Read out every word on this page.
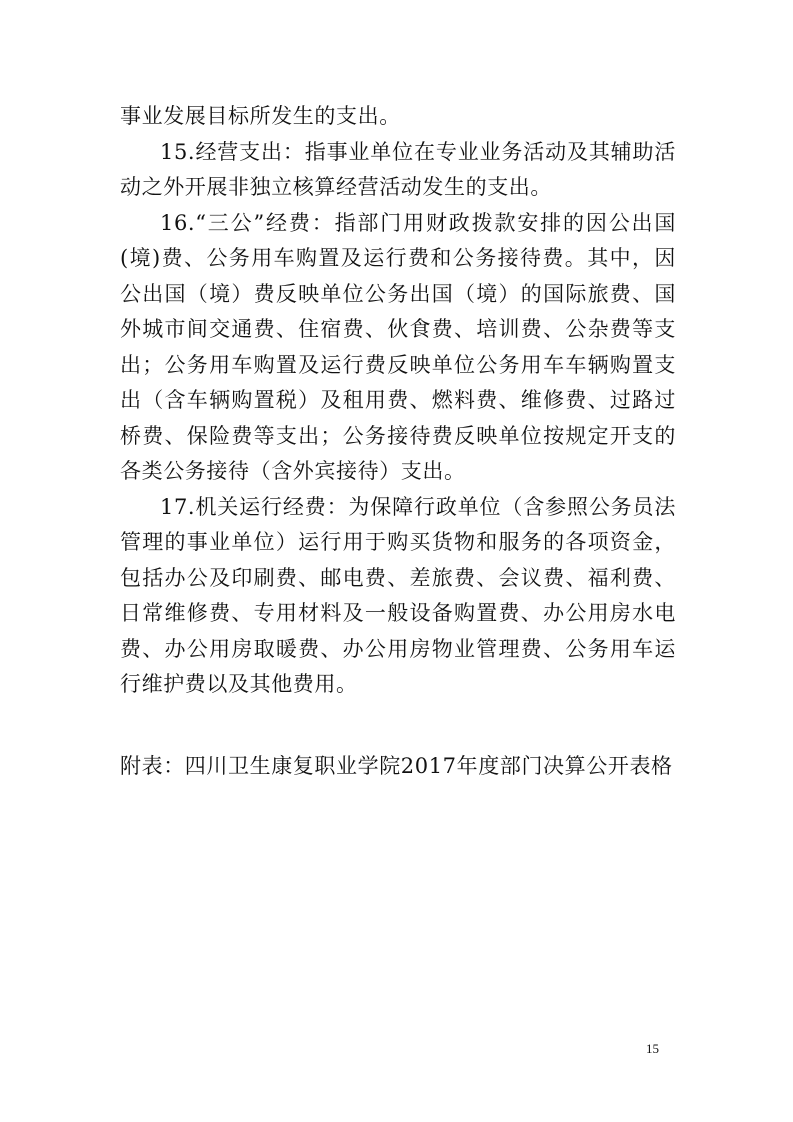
事业发展目标所发生的支出。

15.经营支出：指事业单位在专业业务活动及其辅助活动之外开展非独立核算经营活动发生的支出。

16.“三公”经费：指部门用财政拨款安排的因公出国(境)费、公务用车购置及运行费和公务接待费。其中，因公出国（境）费反映单位公务出国（境）的国际旅费、国外城市间交通费、住宿费、伙食费、培训费、公杂费等支出；公务用车购置及运行费反映单位公务用车车辆购置支出（含车辆购置税）及租用费、燃料费、维修费、过路过桥费、保险费等支出；公务接待费反映单位按规定开支的各类公务接待（含外宾接待）支出。

17.机关运行经费：为保障行政单位（含参照公务员法管理的事业单位）运行用于购买货物和服务的各项资金，包括办公及印刷费、邮电费、差旅费、会议费、福利费、日常维修费、专用材料及一般设备购置费、办公用房水电费、办公用房取暖费、办公用房物业管理费、公务用车运行维护费以及其他费用。

附表：四川卫生康复职业学院2017年度部门决算公开表格

15
